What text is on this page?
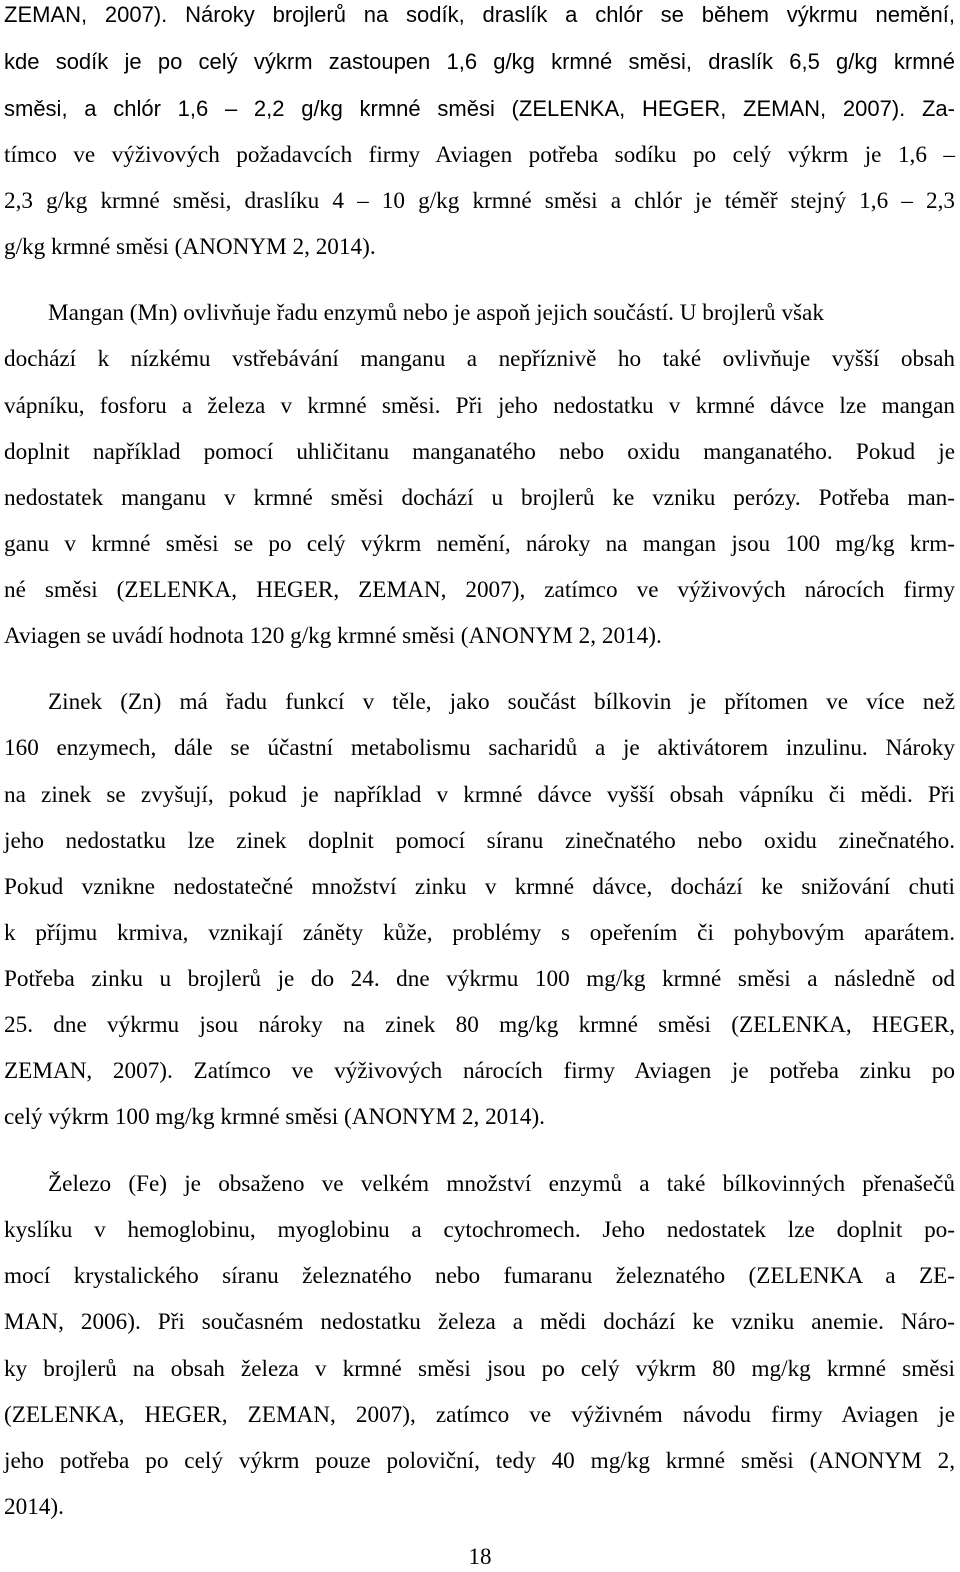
ZEMAN, 2007). Nároky brojlerů na sodík, draslík a chlór se během výkrmu nemění,

kde sodík je po celý výkrm zastoupen 1,6 g/kg krmné směsi, draslík 6,5 g/kg krmné

směsi, a chlór 1,6 – 2,2 g/kg krmné směsi (ZELENKA, HEGER, ZEMAN, 2007). Za-

tímco ve výživových požadavcích firmy Aviagen potřeba sodíku po celý výkrm je 1,6 –

2,3 g/kg krmné směsi, draslíku 4 – 10 g/kg krmné směsi a chlór je téměř stejný 1,6 – 2,3

g/kg krmné směsi (ANONYM 2, 2014).

Mangan (Mn) ovlivňuje řadu enzymů nebo je aspoň jejich součástí. U brojlerů však

dochází k nízkému vstřebávání manganu a nepříznivě ho také ovlivňuje vyšší obsah

vápníku, fosforu a železa v krmné směsi. Při jeho nedostatku v krmné dávce lze mangan

doplnit například pomocí uhličitanu manganatého nebo oxidu manganatého. Pokud je

nedostatek manganu v krmné směsi dochází u brojlerů ke vzniku perózy. Potřeba man-

ganu v krmné směsi se po celý výkrm nemění, nároky na mangan jsou 100 mg/kg krm-

né směsi (ZELENKA, HEGER, ZEMAN, 2007), zatímco ve výživových nárocích firmy

Aviagen se uvádí hodnota 120 g/kg krmné směsi (ANONYM 2, 2014).

Zinek (Zn) má řadu funkcí v těle, jako součást bílkovin je přítomen ve více než

160 enzymech, dále se účastní metabolismu sacharidů a je aktivátorem inzulinu. Nároky

na zinek se zvyšují, pokud je například v krmné dávce vyšší obsah vápníku či mědi. Při

jeho nedostatku lze zinek doplnit pomocí síranu zinečnatého nebo oxidu zinečnatého.

Pokud vznikne nedostatečné množství zinku v krmné dávce, dochází ke snižování chuti

k příjmu krmiva, vznikají záněty kůže, problémy s opeřením či pohybovým aparátem.

Potřeba zinku u brojlerů je do 24. dne výkrmu 100 mg/kg krmné směsi a následně od

25. dne výkrmu jsou nároky na zinek 80 mg/kg krmné směsi (ZELENKA, HEGER,

ZEMAN, 2007). Zatímco ve výživových nárocích firmy Aviagen je potřeba zinku po

celý výkrm 100 mg/kg krmné směsi (ANONYM 2, 2014).

Železo (Fe) je obsaženo ve velkém množství enzymů a také bílkovinných přenašečů

kyslíku v hemoglobinu, myoglobinu a cytochromech. Jeho nedostatek lze doplnit po-

mocí krystalického síranu železnatého nebo fumaranu železnatého (ZELENKA a ZE-

MAN, 2006). Při současném nedostatku železa a mědi dochází ke vzniku anemie. Náro-

ky brojlerů na obsah železa v krmné směsi jsou po celý výkrm 80 mg/kg krmné směsi

(ZELENKA, HEGER, ZEMAN, 2007), zatímco ve výživném návodu firmy Aviagen je

jeho potřeba po celý výkrm pouze poloviční, tedy 40 mg/kg krmné směsi (ANONYM 2,

2014).

18
